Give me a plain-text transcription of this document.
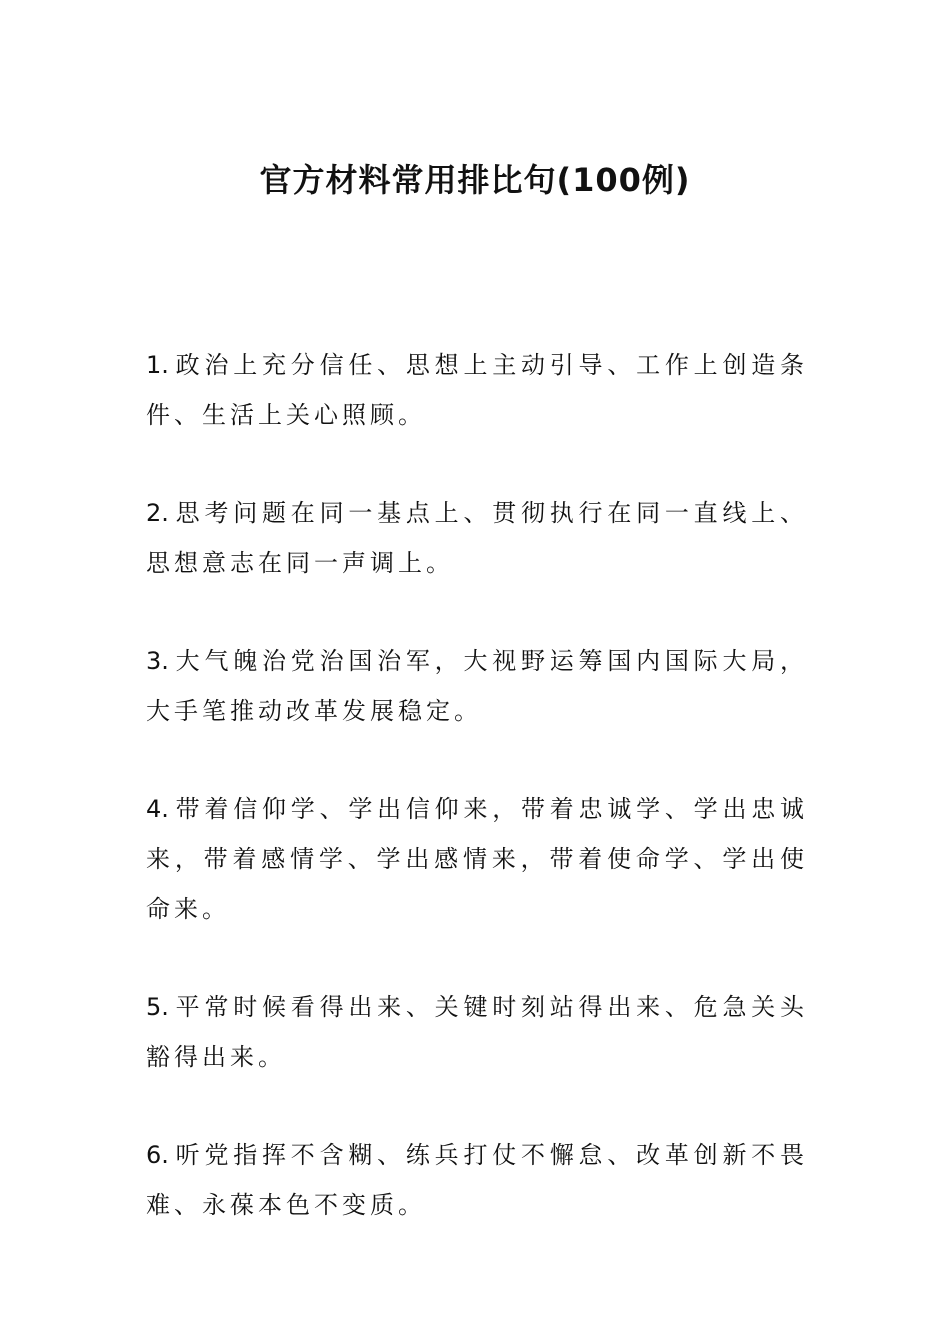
官方材料常用排比句(100例)

1. 政治上充分信任、思想上主动引导、工作上创造条件、生活上关心照顾。

2. 思考问题在同一基点上、贯彻执行在同一直线上、思想意志在同一声调上。

3. 大气魄治党治国治军，大视野运筹国内国际大局，大手笔推动改革发展稳定。

4. 带着信仰学、学出信仰来，带着忠诚学、学出忠诚来，带着感情学、学出感情来，带着使命学、学出使命来。

5. 平常时候看得出来、关键时刻站得出来、危急关头豁得出来。

6. 听党指挥不含糊、练兵打仗不懈怠、改革创新不畏难、永葆本色不变质。
